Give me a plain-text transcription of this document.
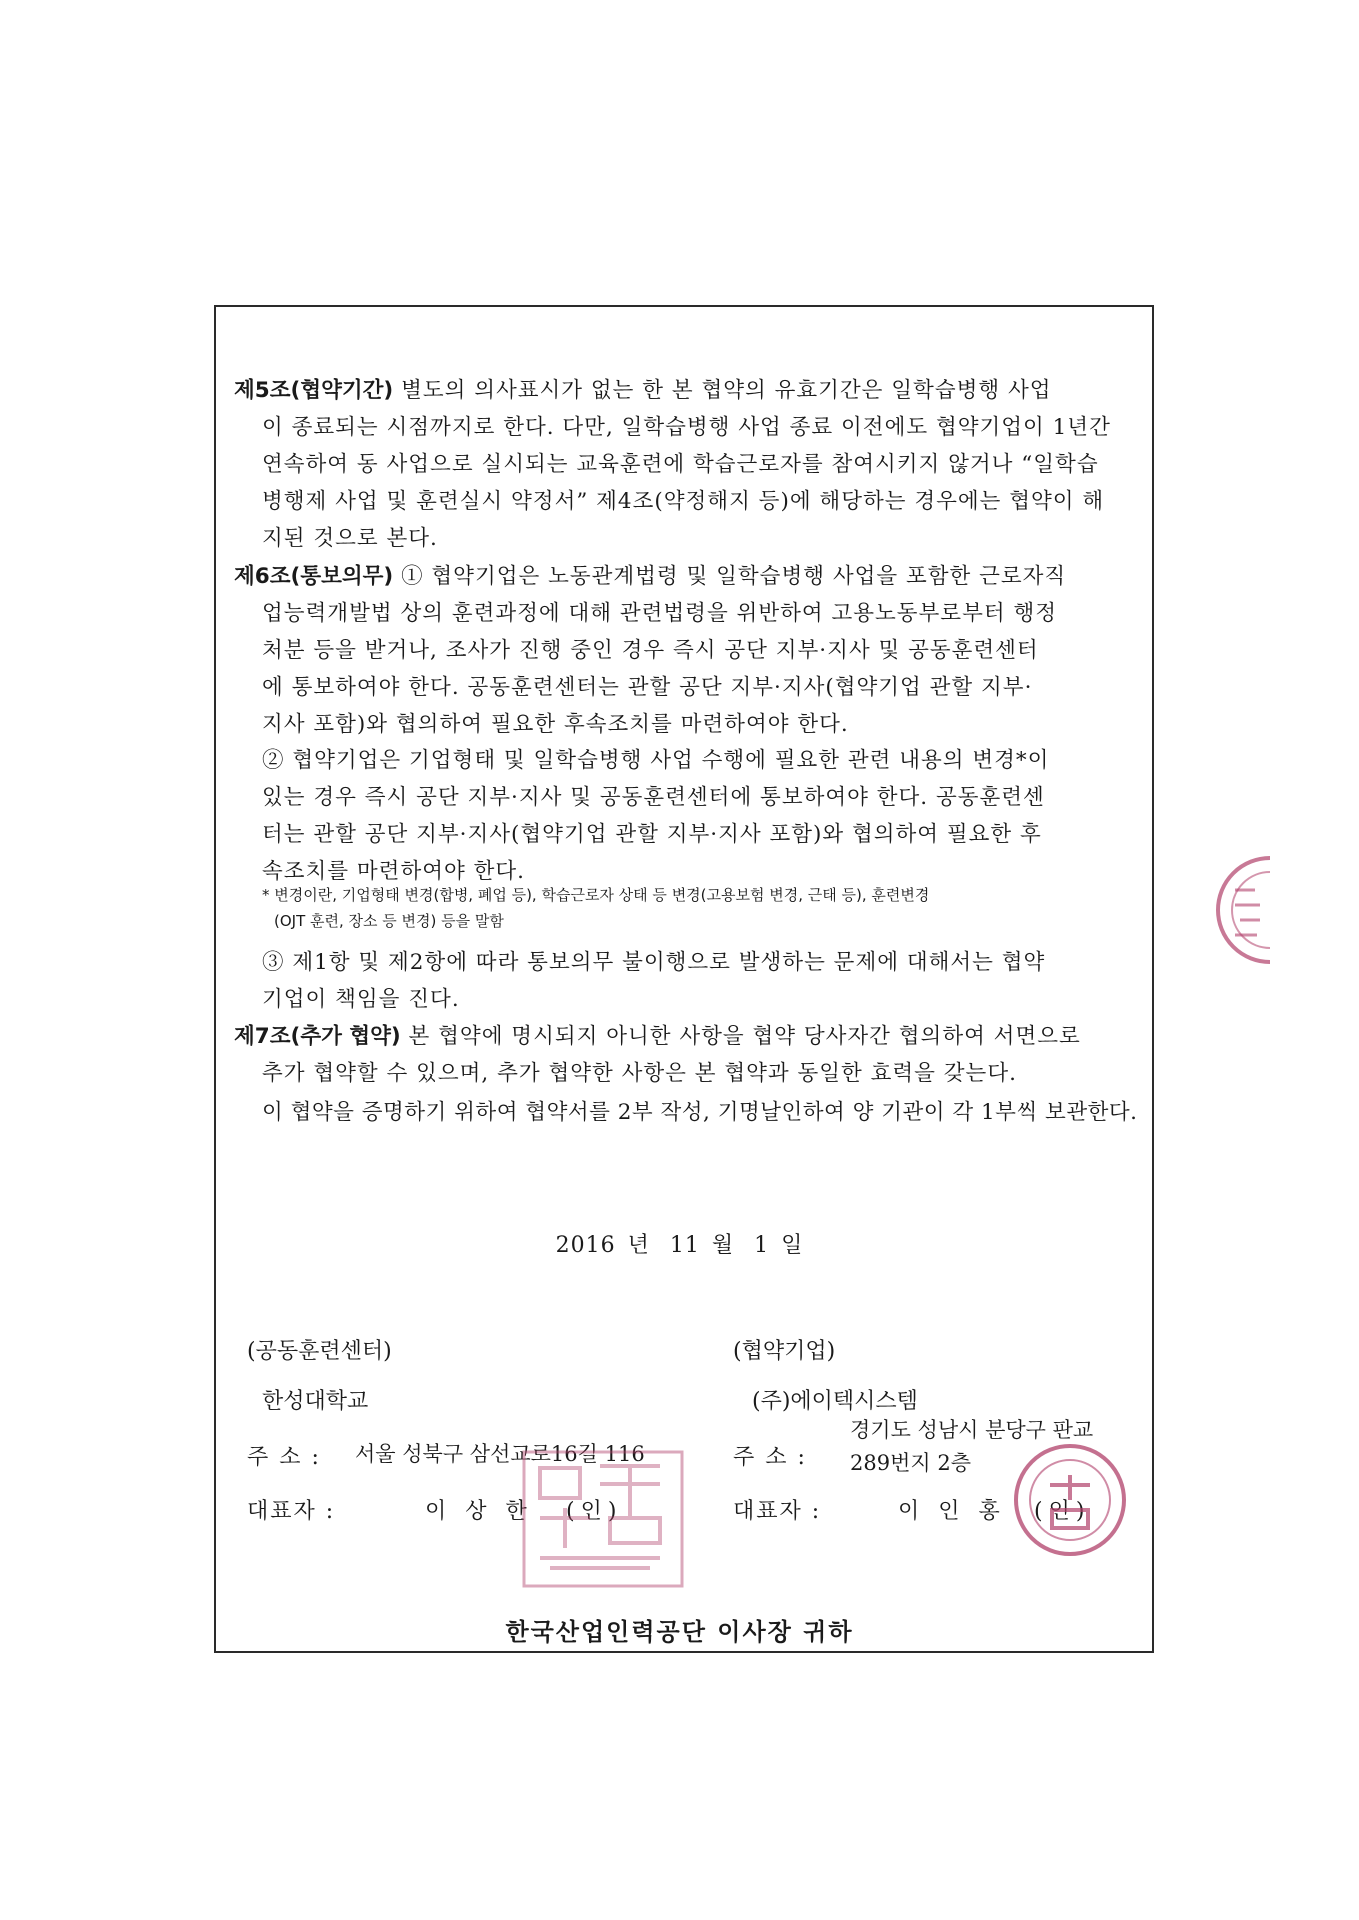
제5조(협약기간) 별도의 의사표시가 없는 한 본 협약의 유효기간은 일학습병행 사업
이 종료되는 시점까지로 한다. 다만, 일학습병행 사업 종료 이전에도 협약기업이 1년간
연속하여 동 사업으로 실시되는 교육훈련에 학습근로자를 참여시키지 않거나 “일학습
병행제 사업 및 훈련실시 약정서” 제4조(약정해지 등)에 해당하는 경우에는 협약이 해
지된 것으로 본다.
제6조(통보의무) ① 협약기업은 노동관계법령 및 일학습병행 사업을 포함한 근로자직
업능력개발법 상의 훈련과정에 대해 관련법령을 위반하여 고용노동부로부터 행정
처분 등을 받거나, 조사가 진행 중인 경우 즉시 공단 지부·지사 및 공동훈련센터
에 통보하여야 한다. 공동훈련센터는 관할 공단 지부·지사(협약기업 관할 지부·
지사 포함)와 협의하여 필요한 후속조치를 마련하여야 한다.
② 협약기업은 기업형태 및 일학습병행 사업 수행에 필요한 관련 내용의 변경*이
있는 경우 즉시 공단 지부·지사 및 공동훈련센터에 통보하여야 한다. 공동훈련센
터는 관할 공단 지부·지사(협약기업 관할 지부·지사 포함)와 협의하여 필요한 후
속조치를 마련하여야 한다.
* 변경이란, 기업형태 변경(합병, 폐업 등), 학습근로자 상태 등 변경(고용보험 변경, 근태 등), 훈련변경
(OJT 훈련, 장소 등 변경) 등을 말함
③ 제1항 및 제2항에 따라 통보의무 불이행으로 발생하는 문제에 대해서는 협약
기업이 책임을 진다.
제7조(추가 협약) 본 협약에 명시되지 아니한 사항을 협약 당사자간 협의하여 서면으로
추가 협약할 수 있으며, 추가 협약한 사항은 본 협약과 동일한 효력을 갖는다.
이 협약을 증명하기 위하여 협약서를 2부 작성, 기명날인하여 양 기관이 각 1부씩 보관한다.
2016 년 11 월 1 일
(공동훈련센터)
한성대학교
주 소 : 서울 성북구 삼선교로16길 116
대표자 :	이 상 한 (인)
(협약기업)
(주)에이텍시스템
주 소 :
경기도 성남시 분당구 판교
289번지 2층
대표자 :	이 인 홍 (인)
한국산업인력공단 이사장 귀하
